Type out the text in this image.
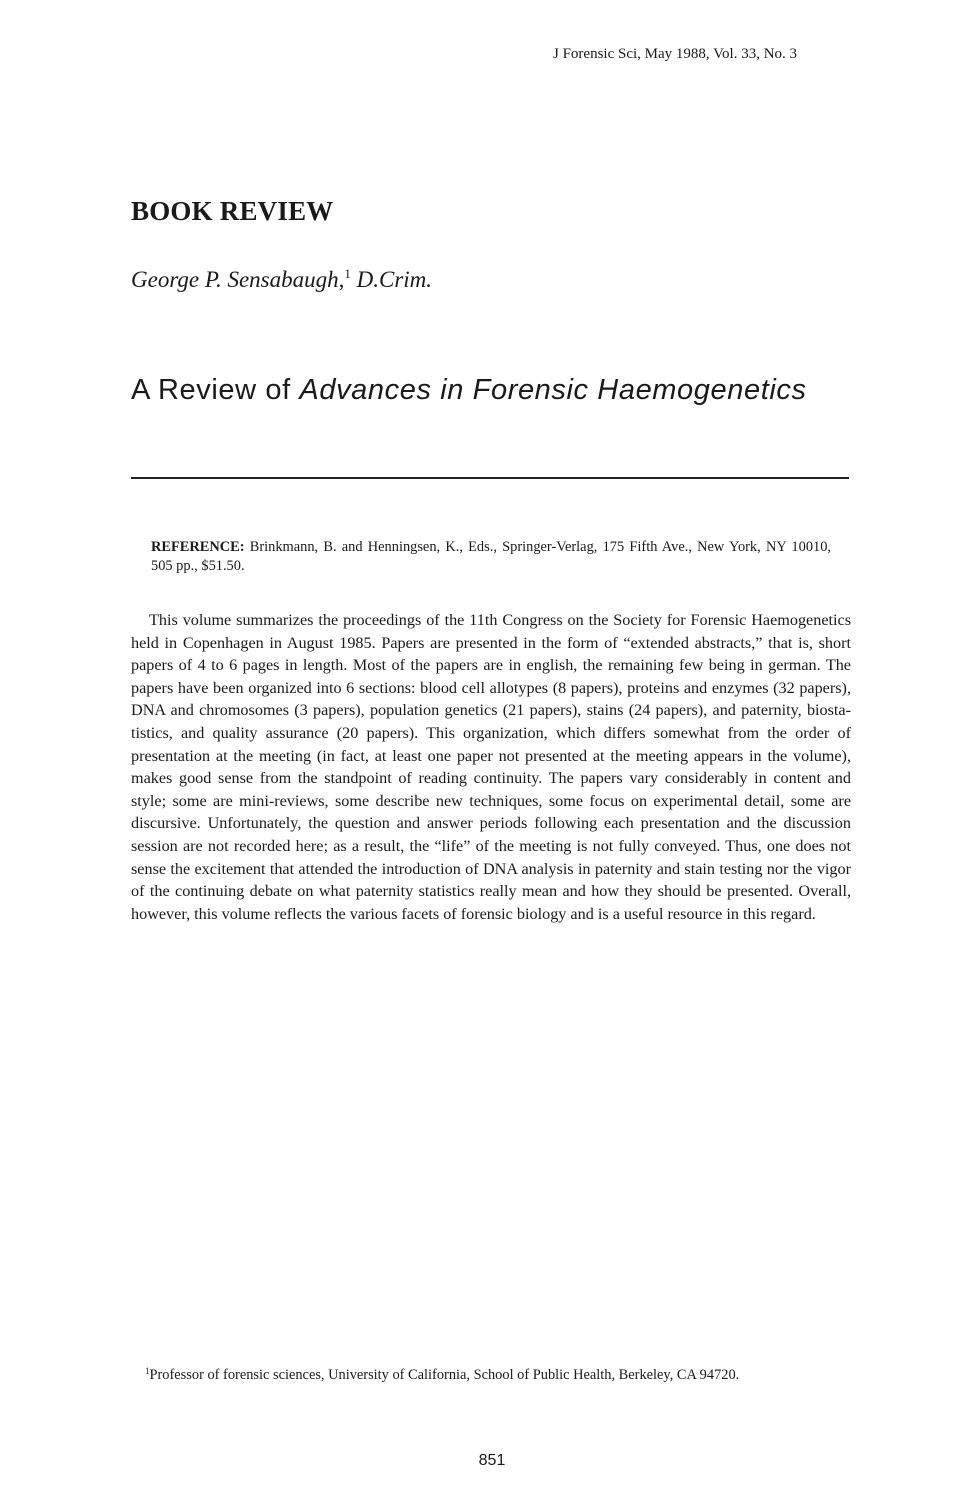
J Forensic Sci, May 1988, Vol. 33, No. 3
BOOK REVIEW
George P. Sensabaugh,$^1$ D.Crim.
A Review of Advances in Forensic Haemogenetics
REFERENCE: Brinkmann, B. and Henningsen, K., Eds., Springer-Verlag, 175 Fifth Ave., New York, NY 10010, 505 pp., $51.50.

This volume summarizes the proceedings of the 11th Congress on the Society for Forensic Haemogenetics held in Copenhagen in August 1985. Papers are presented in the form of “extended abstracts,” that is, short papers of 4 to 6 pages in length. Most of the papers are in english, the remaining few being in german. The papers have been organized into 6 sections: blood cell allotypes (8 papers), proteins and enzymes (32 papers), DNA and chromosomes (3 papers), population genetics (21 papers), stains (24 papers), and paternity, biostatistics, and quality assurance (20 papers). This organization, which differs somewhat from the order of presentation at the meeting (in fact, at least one paper not presented at the meeting appears in the volume), makes good sense from the standpoint of reading continuity. The papers vary considerably in content and style; some are mini-reviews, some describe new techniques, some focus on experimental detail, some are discursive. Unfortunately, the question and answer periods following each presentation and the discussion session are not recorded here; as a result, the “life” of the meeting is not fully conveyed. Thus, one does not sense the excitement that attended the introduction of DNA analysis in paternity and stain testing nor the vigor of the continuing debate on what paternity statistics really mean and how they should be presented. Overall, however, this volume reflects the various facets of forensic biology and is a useful resource in this regard.

$^1$Professor of forensic sciences, University of California, School of Public Health, Berkeley, CA 94720.
851
